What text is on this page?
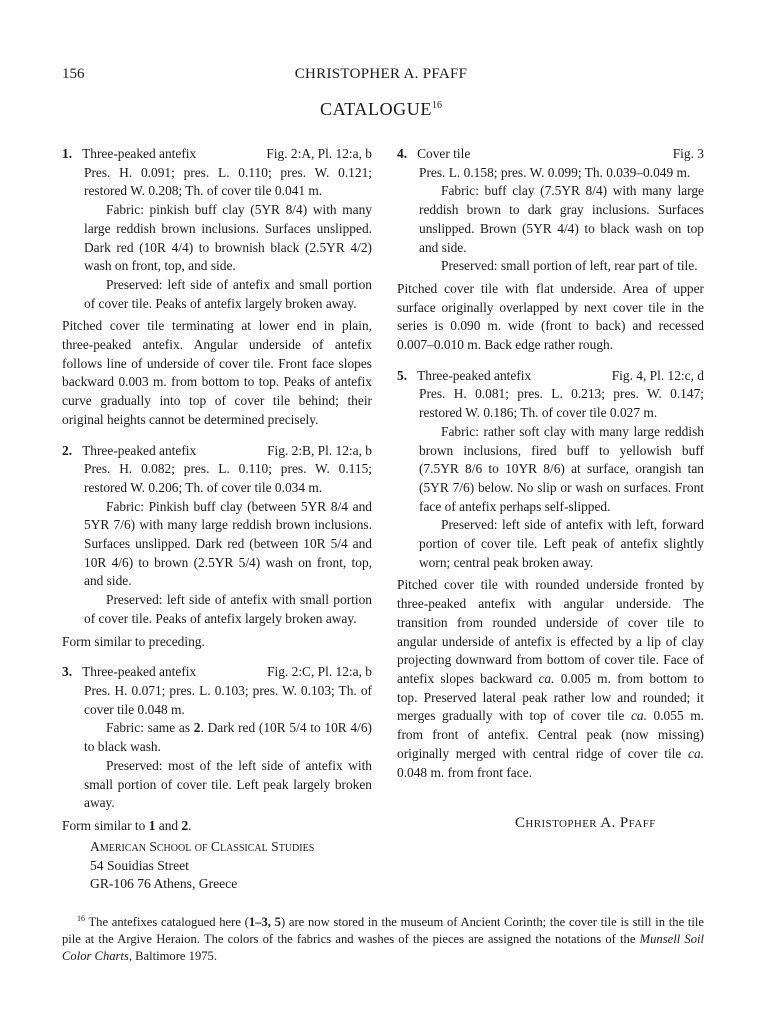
156	CHRISTOPHER A. PFAFF
CATALOGUE$^{16}$
1. Three-peaked antefix	Fig. 2:A, Pl. 12:a, b
Pres. H. 0.091; pres. L. 0.110; pres. W. 0.121; restored W. 0.208; Th. of cover tile 0.041 m.
Fabric: pinkish buff clay (5YR 8/4) with many large reddish brown inclusions. Surfaces unslipped. Dark red (10R 4/4) to brownish black (2.5YR 4/2) wash on front, top, and side.
Preserved: left side of antefix and small portion of cover tile. Peaks of antefix largely broken away.
Pitched cover tile terminating at lower end in plain, three-peaked antefix. Angular underside of antefix follows line of underside of cover tile. Front face slopes backward 0.003 m. from bottom to top. Peaks of antefix curve gradually into top of cover tile behind; their original heights cannot be determined precisely.
2. Three-peaked antefix	Fig. 2:B, Pl. 12:a, b
Pres. H. 0.082; pres. L. 0.110; pres. W. 0.115; restored W. 0.206; Th. of cover tile 0.034 m.
Fabric: Pinkish buff clay (between 5YR 8/4 and 5YR 7/6) with many large reddish brown inclusions. Surfaces unslipped. Dark red (between 10R 5/4 and 10R 4/6) to brown (2.5YR 5/4) wash on front, top, and side.
Preserved: left side of antefix with small portion of cover tile. Peaks of antefix largely broken away.
Form similar to preceding.
3. Three-peaked antefix	Fig. 2:C, Pl. 12:a, b
Pres. H. 0.071; pres. L. 0.103; pres. W. 0.103; Th. of cover tile 0.048 m.
Fabric: same as 2. Dark red (10R 5/4 to 10R 4/6) to black wash.
Preserved: most of the left side of antefix with small portion of cover tile. Left peak largely broken away.
Form similar to 1 and 2.
4. Cover tile	Fig. 3
Pres. L. 0.158; pres. W. 0.099; Th. 0.039–0.049 m.
Fabric: buff clay (7.5YR 8/4) with many large reddish brown to dark gray inclusions. Surfaces unslipped. Brown (5YR 4/4) to black wash on top and side.
Preserved: small portion of left, rear part of tile.
Pitched cover tile with flat underside. Area of upper surface originally overlapped by next cover tile in the series is 0.090 m. wide (front to back) and recessed 0.007–0.010 m. Back edge rather rough.
5. Three-peaked antefix	Fig. 4, Pl. 12:c, d
Pres. H. 0.081; pres. L. 0.213; pres. W. 0.147; restored W. 0.186; Th. of cover tile 0.027 m.
Fabric: rather soft clay with many large reddish brown inclusions, fired buff to yellowish buff (7.5YR 8/6 to 10YR 8/6) at surface, orangish tan (5YR 7/6) below. No slip or wash on surfaces. Front face of antefix perhaps self-slipped.
Preserved: left side of antefix with left, forward portion of cover tile. Left peak of antefix slightly worn; central peak broken away.
Pitched cover tile with rounded underside fronted by three-peaked antefix with angular underside. The transition from rounded underside of cover tile to angular underside of antefix is effected by a lip of clay projecting downward from bottom of cover tile. Face of antefix slopes backward ca. 0.005 m. from bottom to top. Preserved lateral peak rather low and rounded; it merges gradually with top of cover tile ca. 0.055 m. from front of antefix. Central peak (now missing) originally merged with central ridge of cover tile ca. 0.048 m. from front face.
Christopher A. Pfaff
American School of Classical Studies
54 Souidias Street
GR-106 76 Athens, Greece
$^{16}$ The antefixes catalogued here (1–3, 5) are now stored in the museum of Ancient Corinth; the cover tile is still in the tile pile at the Argive Heraion. The colors of the fabrics and washes of the pieces are assigned the notations of the Munsell Soil Color Charts, Baltimore 1975.
